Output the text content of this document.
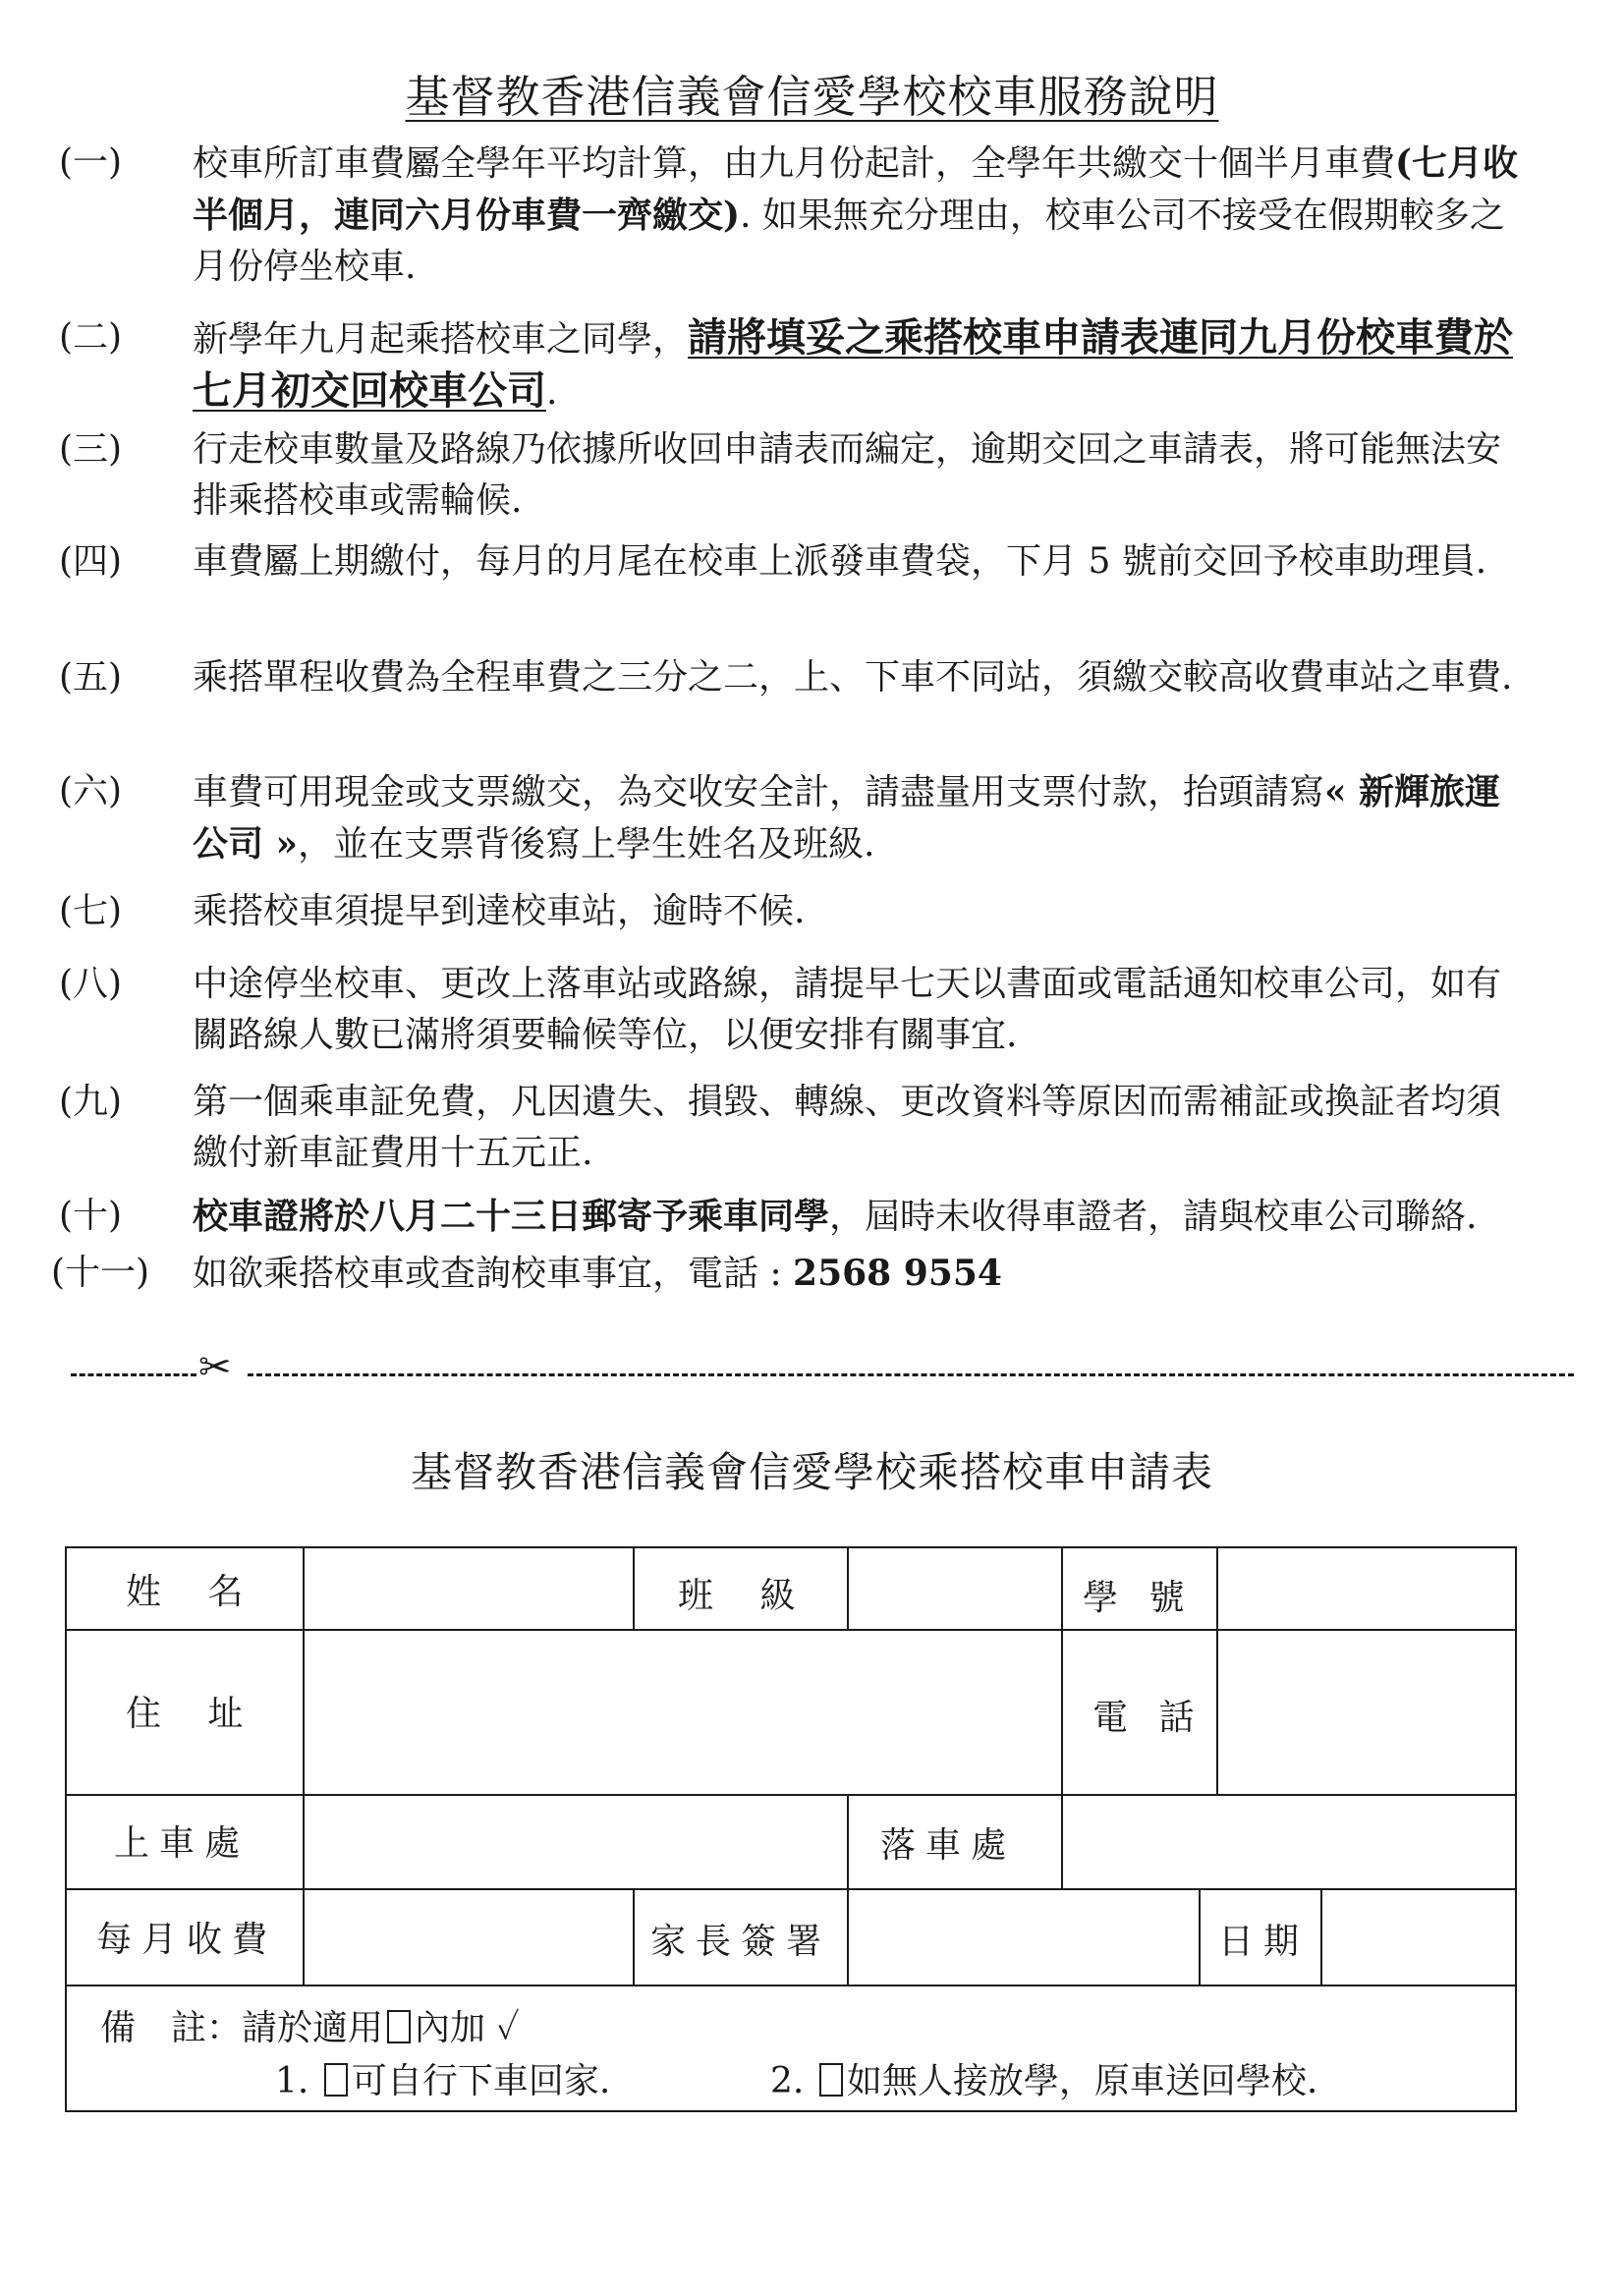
基督教香港信義會信愛學校校車服務說明
(一)	校車所訂車費屬全學年平均計算，由九月份起計，全學年共繳交十個半月車費(七月收半個月，連同六月份車費一齊繳交). 如果無充分理由，校車公司不接受在假期較多之月份停坐校車.
(二)	新學年九月起乘搭校車之同學，請將填妥之乘搭校車申請表連同九月份校車費於七月初交回校車公司.
(三)	行走校車數量及路線乃依據所收回申請表而編定，逾期交回之車請表，將可能無法安排乘搭校車或需輪候.
(四)	車費屬上期繳付，每月的月尾在校車上派發車費袋，下月 5 號前交回予校車助理員.
(五)	乘搭單程收費為全程車費之三分之二，上、下車不同站，須繳交較高收費車站之車費.
(六)	車費可用現金或支票繳交，為交收安全計，請盡量用支票付款，抬頭請寫« 新輝旅運公司 »，並在支票背後寫上學生姓名及班級.
(七)	乘搭校車須提早到達校車站，逾時不候.
(八)	中途停坐校車、更改上落車站或路線，請提早七天以書面或電話通知校車公司，如有關路線人數已滿將須要輪候等位，以便安排有關事宜.
(九)	第一個乘車証免費，凡因遺失、損毀、轉線、更改資料等原因而需補証或換証者均須繳付新車証費用十五元正.
(十)	校車證將於八月二十三日郵寄予乘車同學，屆時未收得車證者，請與校車公司聯絡.
(十一)	如欲乘搭校車或查詢校車事宜，電話 : 2568 9554
✂
基督教香港信義會信愛學校乘搭校車申請表
姓 名	班 級	學 號
住 址	電 話
上車處	落車處
每月收費	家長簽署	日期
備　註：請於適用 內加 ✓
1. 可自行下車回家.	2. 如無人接放學，原車送回學校.
